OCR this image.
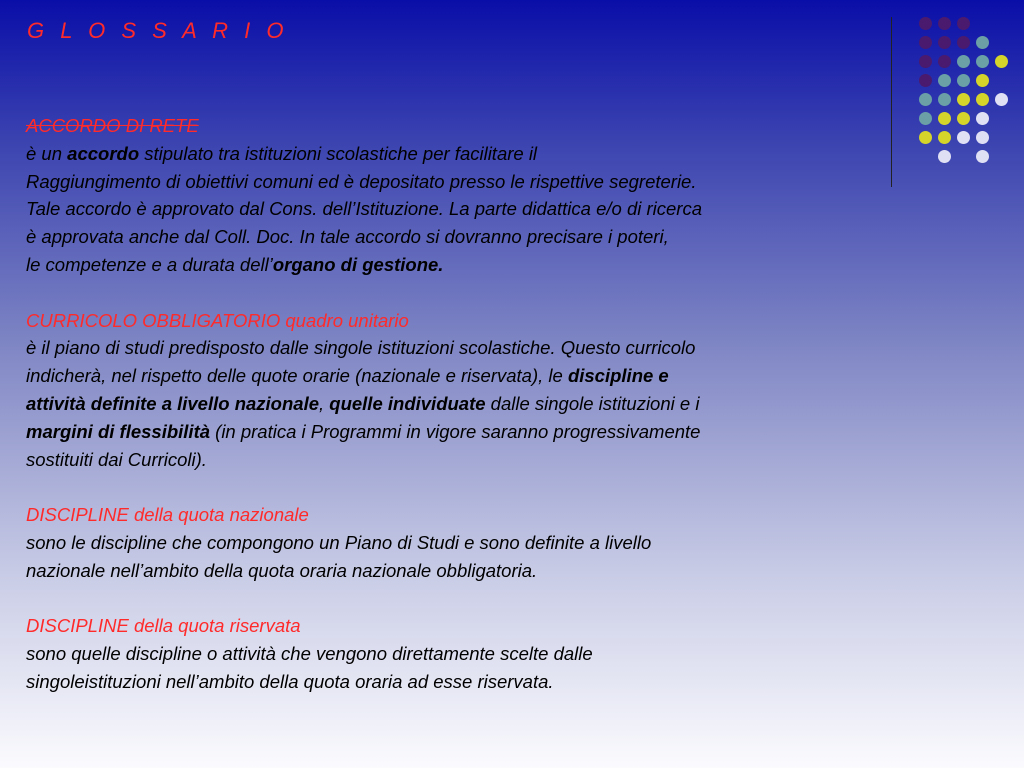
G L O S S A R I O
ACCORDO DI RETE
è un accordo stipulato tra istituzioni scolastiche per facilitare il
Raggiungimento di obiettivi comuni ed è depositato presso le rispettive segreterie.
Tale accordo è approvato dal Cons. dell’Istituzione. La parte didattica e/o di ricerca
è approvata anche dal Coll. Doc. In tale accordo si dovranno precisare i poteri,
le competenze e a durata dell’organo di gestione.
CURRICOLO OBBLIGATORIO quadro unitario
è il piano di studi predisposto dalle singole istituzioni scolastiche. Questo curricolo
indicherà, nel rispetto delle quote orarie (nazionale e riservata), le discipline e
attività definite a livello nazionale, quelle individuate dalle singole istituzioni e i
margini di flessibilità (in pratica i Programmi in vigore saranno progressivamente
sostituiti dai Curricoli).
DISCIPLINE della quota nazionale
sono le discipline che compongono un Piano di Studi e sono definite a livello
nazionale nell’ambito della quota oraria nazionale obbligatoria.
DISCIPLINE della quota riservata
sono quelle discipline o attività che vengono direttamente scelte dalle
singoleistituzioni nell’ambito della quota oraria ad esse riservata.
